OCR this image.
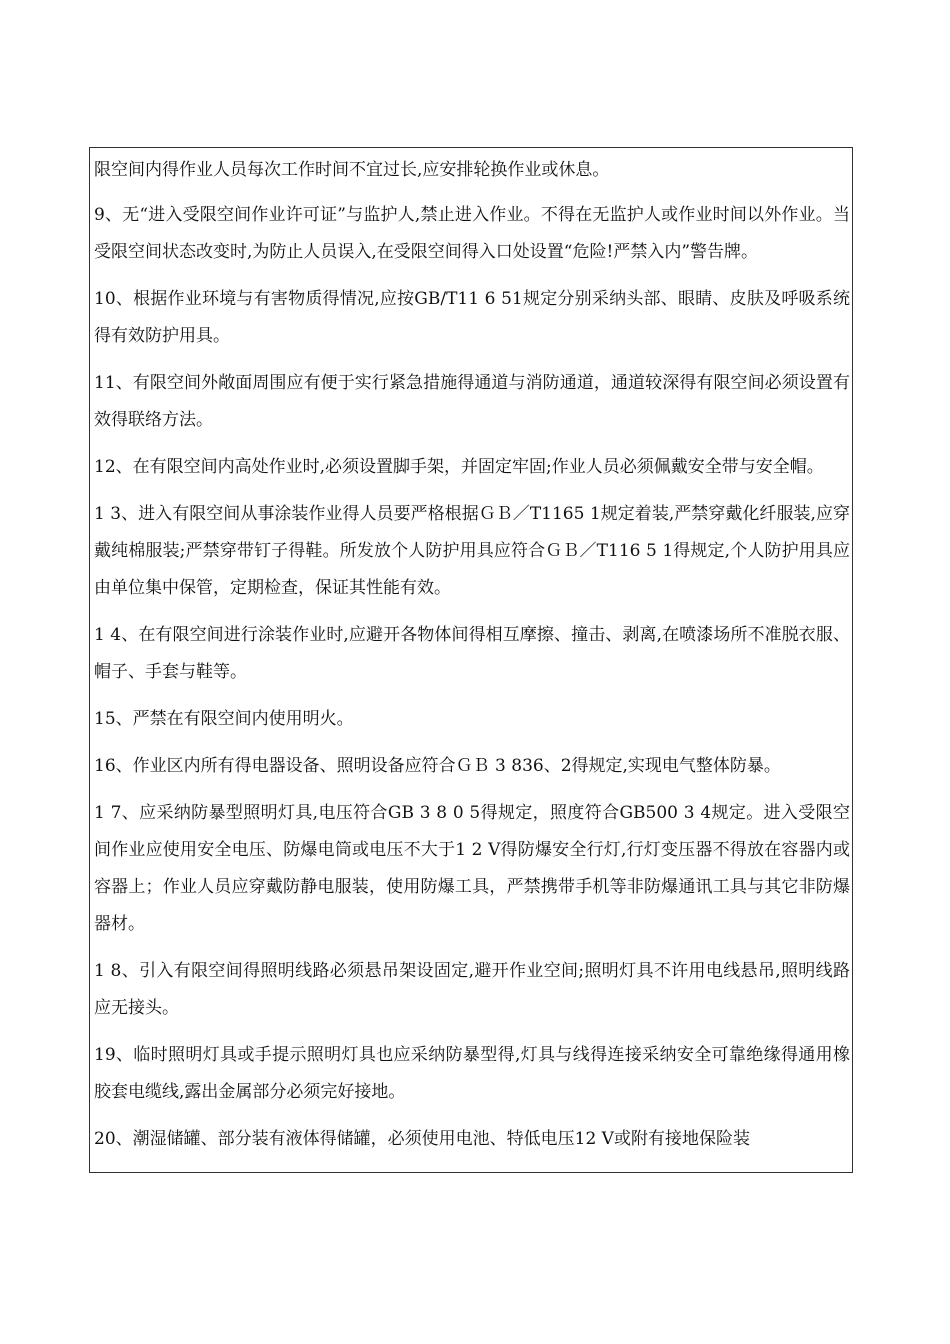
限空间内得作业人员每次工作时间不宜过长,应安排轮换作业或休息。

9、无“进入受限空间作业许可证”与监护人,禁止进入作业。不得在无监护人或作业时间以外作业。当受限空间状态改变时,为防止人员误入,在受限空间得入口处设置“危险!严禁入内”警告牌。

10、根据作业环境与有害物质得情况,应按GB/T11 6 51规定分别采纳头部、眼睛、皮肤及呼吸系统得有效防护用具。

11、有限空间外敞面周围应有便于实行紧急措施得通道与消防通道，通道较深得有限空间必须设置有效得联络方法。

12、在有限空间内高处作业时,必须设置脚手架，并固定牢固;作业人员必须佩戴安全带与安全帽。

1 3、进入有限空间从事涂装作业得人员要严格根据ＧＢ／T1165 1规定着装,严禁穿戴化纤服装,应穿戴纯棉服装;严禁穿带钉子得鞋。所发放个人防护用具应符合ＧＢ／T116 5 1得规定,个人防护用具应由单位集中保管，定期检查，保证其性能有效。

1 4、在有限空间进行涂装作业时,应避开各物体间得相互摩擦、撞击、剥离,在喷漆场所不准脱衣服、帽子、手套与鞋等。

15、严禁在有限空间内使用明火。

16、作业区内所有得电器设备、照明设备应符合ＧＢ 3 836、2得规定,实现电气整体防暴。

1 7、应采纳防暴型照明灯具,电压符合GB 3 8 0 5得规定，照度符合GB500 3 4规定。进入受限空间作业应使用安全电压、防爆电筒或电压不大于1 2 V得防爆安全行灯,行灯变压器不得放在容器内或容器上；作业人员应穿戴防静电服装，使用防爆工具，严禁携带手机等非防爆通讯工具与其它非防爆器材。

1 8、引入有限空间得照明线路必须悬吊架设固定,避开作业空间;照明灯具不许用电线悬吊,照明线路应无接头。

19、临时照明灯具或手提示照明灯具也应采纳防暴型得,灯具与线得连接采纳安全可靠绝缘得通用橡胶套电缆线,露出金属部分必须完好接地。

20、潮湿储罐、部分装有液体得储罐，必须使用电池、特低电压12 V或附有接地保险装
